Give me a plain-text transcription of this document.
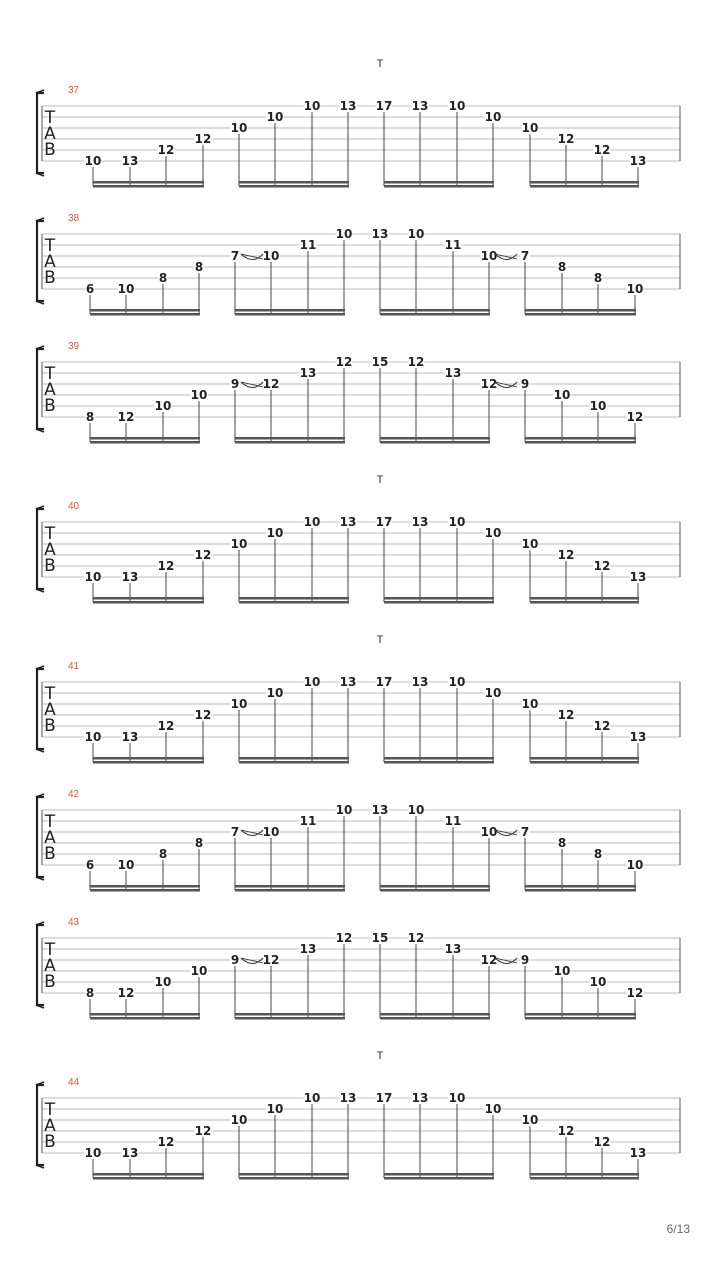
T
37
T
A
B
10 13
12
12
10
10
10 13 17 13 10
10
10
12
12
13
38
T
A
B
6 10
8
8
7 10
11
10 13 10
11
10 7
8
8
10
39
T
A
B
8 12
10
10
9 12
13
12 15 12
13
12 9
10
10
12
T
40
T
A
B
10 13
12
12
10
10
10 13 17 13 10
10
10
12
12
13
T
41
T
A
B
10 13
12
12
10
10
10 13 17 13 10
10
10
12
12
13
42
T
A
B
6 10
8
8
7 10
11
10 13 10
11
10 7
8
8
10
43
T
A
B
8 12
10
10
9 12
13
12 15 12
13
12 9
10
10
12
T
44
T
A
B
10 13
12
12
10
10
10 13 17 13 10
10
10
12
12
13
6/13
